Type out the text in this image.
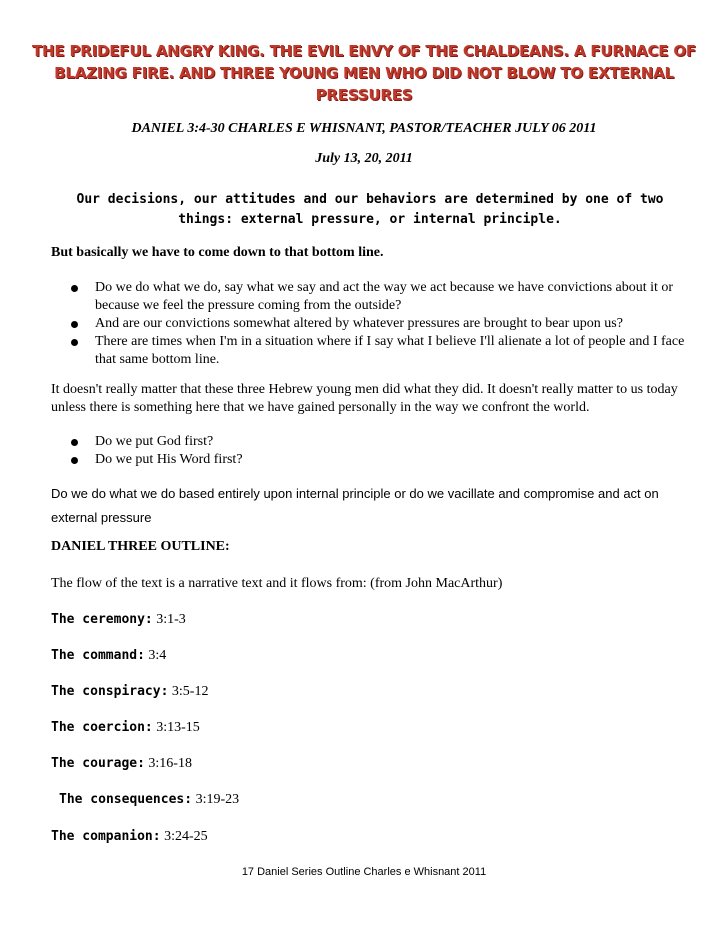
THE PRIDEFUL ANGRY KING. THE EVIL ENVY OF THE CHALDEANS. A FURNACE OF BLAZING FIRE. AND THREE YOUNG MEN WHO DID NOT BLOW TO EXTERNAL PRESSURES
DANIEL 3:4-30 CHARLES E WHISNANT, PASTOR/TEACHER JULY 06 2011
July 13, 20, 2011
Our decisions, our attitudes and our behaviors are determined by one of two things: external pressure, or internal principle.
But basically we have to come down to that bottom line.
Do we do what we do, say what we say and act the way we act because we have convictions about it or because we feel the pressure coming from the outside?
And are our convictions somewhat altered by whatever pressures are brought to bear upon us?
There are times when I'm in a situation where if I say what I believe I'll alienate a lot of people and I face that same bottom line.
It doesn't really matter that these three Hebrew young men did what they did. It doesn't really matter to us today unless there is something here that we have gained personally in the way we confront the world.
Do we put God first?
Do we put His Word first?
Do we do what we do based entirely upon internal principle or do we vacillate and compromise and act on external pressure
DANIEL THREE OUTLINE:
The flow of the text is a narrative text and it flows from: (from John MacArthur)
The ceremony: 3:1-3
The command: 3:4
The conspiracy: 3:5-12
The coercion: 3:13-15
The courage: 3:16-18
The consequences: 3:19-23
The companion: 3:24-25
17 Daniel Series Outline Charles e Whisnant 2011
